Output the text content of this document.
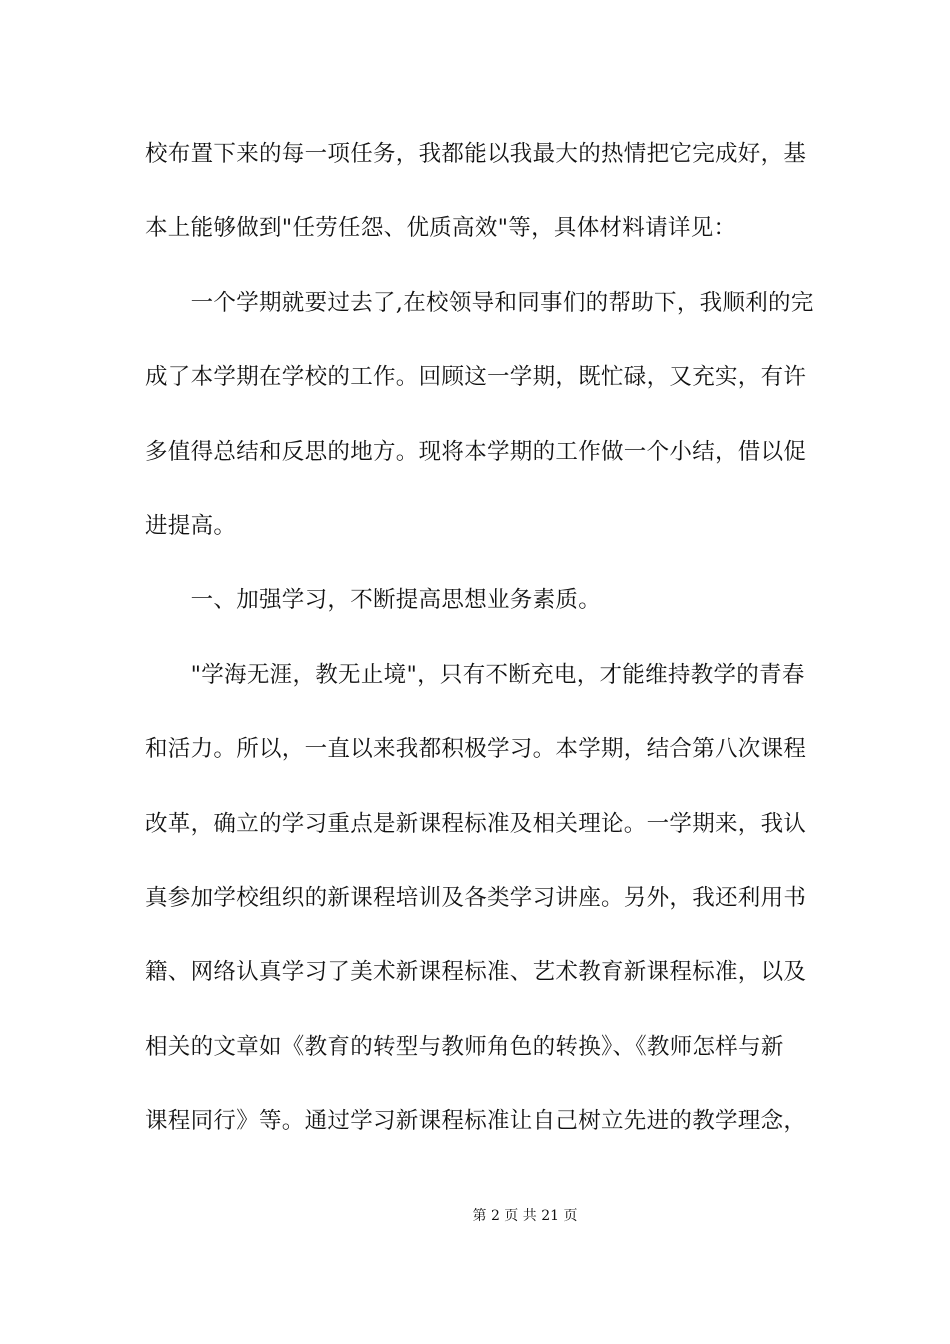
校布置下来的每一项任务，我都能以我最大的热情把它完成好，基
本上能够做到"任劳任怨、优质高效"等，具体材料请详见：
　　一个学期就要过去了,在校领导和同事们的帮助下，我顺利的完
成了本学期在学校的工作。回顾这一学期，既忙碌，又充实，有许
多值得总结和反思的地方。现将本学期的工作做一个小结，借以促
进提高。
　　一、加强学习，不断提高思想业务素质。
　　"学海无涯，教无止境"，只有不断充电，才能维持教学的青春
和活力。所以，一直以来我都积极学习。本学期，结合第八次课程
改革，确立的学习重点是新课程标准及相关理论。一学期来，我认
真参加学校组织的新课程培训及各类学习讲座。另外，我还利用书
籍、网络认真学习了美术新课程标准、艺术教育新课程标准，以及
相关的文章如《教育的转型与教师角色的转换》、《教师怎样与新
课程同行》等。通过学习新课程标准让自己树立先进的教学理念，
第 2 页 共 21 页
